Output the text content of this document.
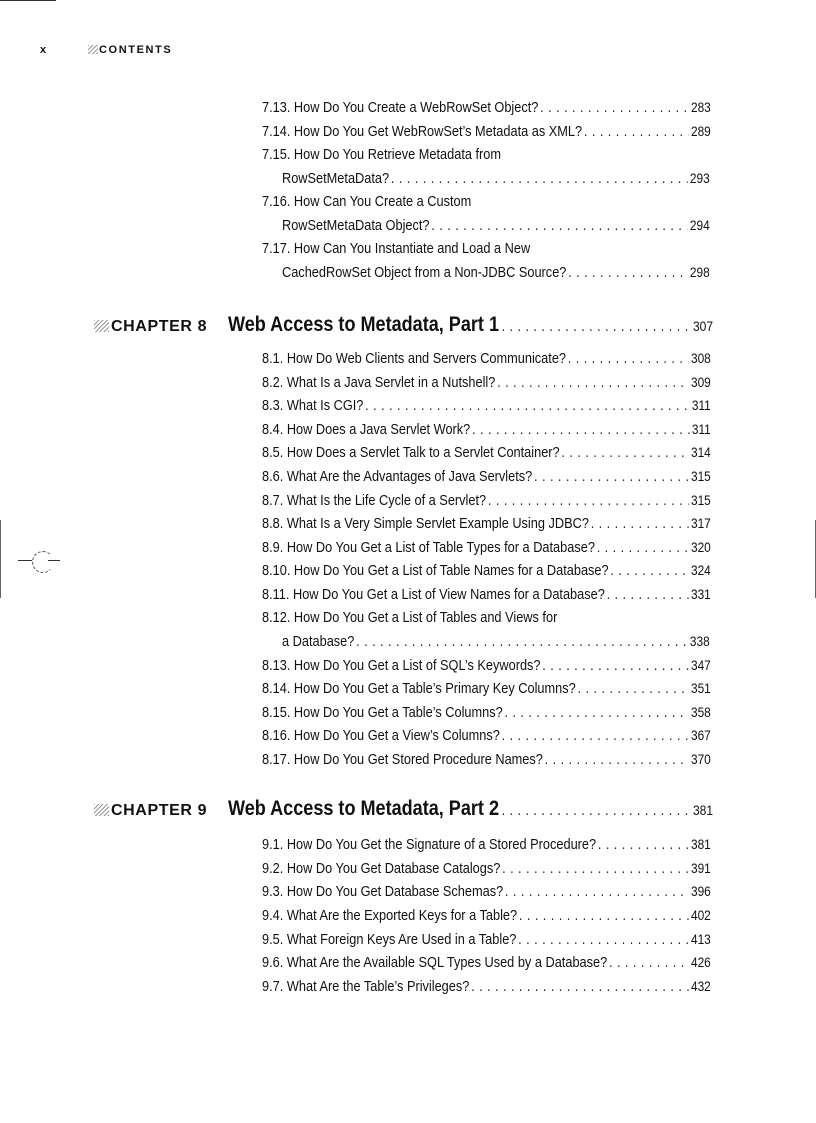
x	CONTENTS
7.13. How Do You Create a WebRowSet Object? . . .	283
7.14. How Do You Get WebRowSet’s Metadata as XML? . . .	289
7.15. How Do You Retrieve Metadata from
RowSetMetaData? . . .	293
7.16. How Can You Create a Custom
RowSetMetaData Object? . . .	294
7.17. How Can You Instantiate and Load a New
CachedRowSet Object from a Non-JDBC Source? . . .	298
CHAPTER 8 Web Access to Metadata, Part 1 . . .	307
8.1. How Do Web Clients and Servers Communicate? . . .	308
8.2. What Is a Java Servlet in a Nutshell? . . .	309
8.3. What Is CGI? . . .	311
8.4. How Does a Java Servlet Work? . . .	311
8.5. How Does a Servlet Talk to a Servlet Container? . . .	314
8.6. What Are the Advantages of Java Servlets? . . .	315
8.7. What Is the Life Cycle of a Servlet? . . .	315
8.8. What Is a Very Simple Servlet Example Using JDBC? . . .	317
8.9. How Do You Get a List of Table Types for a Database? . . .	320
8.10. How Do You Get a List of Table Names for a Database? . . .	324
8.11. How Do You Get a List of View Names for a Database? . . .	331
8.12. How Do You Get a List of Tables and Views for
a Database? . . .	338
8.13. How Do You Get a List of SQL’s Keywords? . . .	347
8.14. How Do You Get a Table’s Primary Key Columns? . . .	351
8.15. How Do You Get a Table’s Columns? . . .	358
8.16. How Do You Get a View’s Columns? . . .	367
8.17. How Do You Get Stored Procedure Names? . . .	370
CHAPTER 9 Web Access to Metadata, Part 2 . . .	381
9.1. How Do You Get the Signature of a Stored Procedure? . . .	381
9.2. How Do You Get Database Catalogs? . . .	391
9.3. How Do You Get Database Schemas? . . .	396
9.4. What Are the Exported Keys for a Table? . . .	402
9.5. What Foreign Keys Are Used in a Table? . . .	413
9.6. What Are the Available SQL Types Used by a Database? . . .	426
9.7. What Are the Table’s Privileges? . . .	432
